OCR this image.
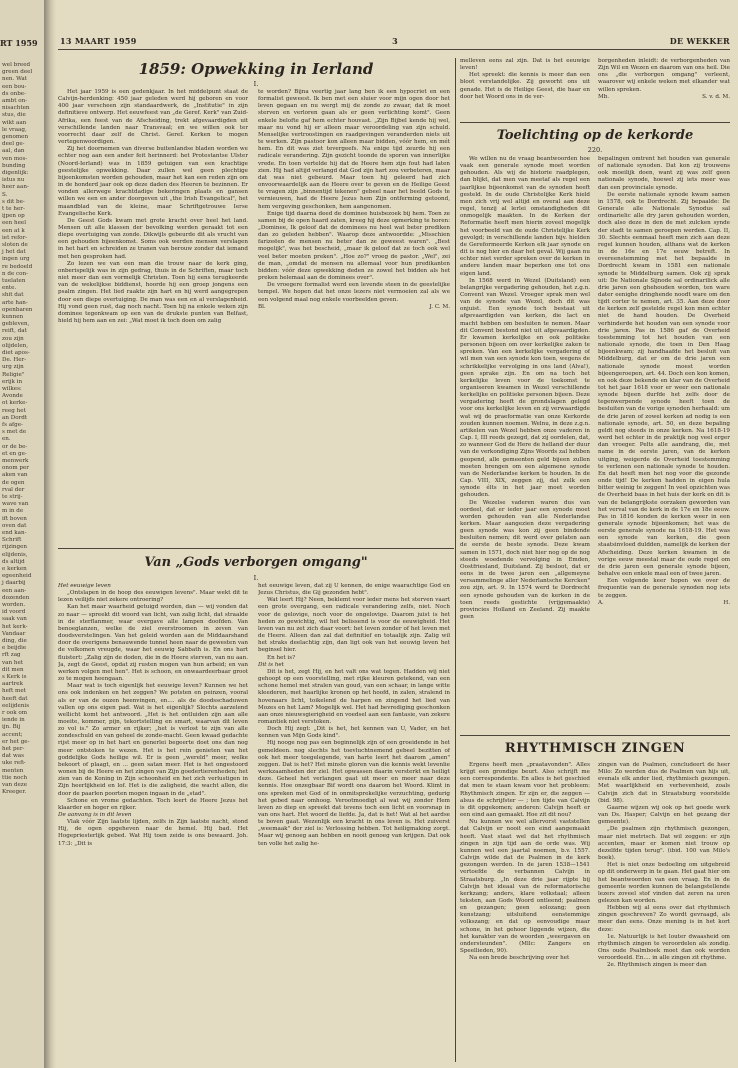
RT 1959
wel breed
green deel
nen. Wat
een bou-
ds onbe-
ambt on-
nisachten
stus, die
wikt aan
le vraag,
genomen
deel ge-
aal, dan
ven mos-
bunding
digenlijk:
istus nu
heer aan-
S.
s dit be-
t te her-
ijpen op
een heel
een at k
iet refor-
sloten de
j het dat
ingen urg
re bedoeld
n de con-
tuelaten
ente.
shit dat
arte han-
openbaren
kunnen
gebleven,
reift, dat
zou zijn
olijdelen,
diet apos-
De. Her-
urg zijn
Religie"
erijk in
wilkes:
Avonde
ot kerke-
reeg het
an Dordt
fs afge-
s met de
en.
or de be-
et en ge-
menwerk
onom per
aken van
de ogen
rval der
te strij-
wave van
m in de
ift boven
oven dat
end kan-
Schrift
rijzingen
elijdenis,
ds altijd
e kerken
egeenheid
j daarbij
een aan-
dozenden
worden.
id voord
saak van
het kerk-
Vandaar
ding, die
e beijdie
rft zag
van het
dit men
s Kerk is
aartrek
heft met
heeft dat
eelijdenis
r ook om
iende in
ijn. Bij
accent;
er het ge-
het per-
dat was
uke refi-
menten
ttie noch
van deze
Kreeger.
13 MAART 1959	3	DE WEKKER
1859: Opwekking in Ierland
I.

Het jaar 1959 is een gedenkjaar. In het middelpunt staat de Calvijn-herdenking: 450 jaar geleden werd hij geboren en voor 400 jaar verscheen zijn standaardwerk, de „Institutie" in zijn definitieve ontwerp. Het eeuwfeest van „de Geref. Kerk" van Zuid-Afrika, een feest van de Afscheiding, trekt afgevaardigden uit verschillende landen naar Transvaal; en we willen ook ter voorrecht daar zelf de Christ. Geref. Kerken te mogen vertegenwoordigen.

Zij het doornemen van diverse buitenlandse bladen worden we echter nog aan een ander feit herinnerd: het Protestantse Ulster (Noord-Ierland) was in 1859 getuigen van een krachtige geestelijke opwekking. Daar zullen wel geen plechtige bijeenkomsten worden gehouden, maar het kan een reden zijn om in de honderd jaar ook op deze daden des Heeren te bezinnen. Er vonden allerwege krachtdadige bekeringen plaats en gansen willen we een en ander doorgeven uit „the Irish Evangelical", het maandblad van de kleine, maar Schriftgetrouwe Ierse Evangelische Kerk.

De Geest Gods kwam met grote kracht over heel het land. Mensen uit alle klassen der bevolking werden geraakt tot een diepe overtuiging van zonde. Dikwijls gebeurde dit als vrucht van een gehouden bijeenkomst. Soms ook werden mensen verslagen in het hart en schreiden ze tranen van berouw zonder dat iemand met hen gesproken had.

Zo lezen we van een man die trouw naar de kerk ging, onberispelijk was in zijn gedrag, thuis in de Schriften, maar toch niet meer dan een vormelijk Christen. Toen hij eens terugkeerde van de wekelijkse biddienst, hoorde hij een groep jongens een psalm zingen. Het lied raakte zijn hart en hij werd aangegrepen door een diepe overtuiging. De man was een en al verslagenheid. Hij vond geen rust, dag noch nacht. Toen hij na enkele weken zijn dominee tegenkwam op een van de drukste punten van Belfast, hield hij hem aan en zei: „Wat moet ik toch doen om zalig

te worden? Bijna veertig jaar lang ben ik een hypocriet en een formalist geweest. Ik ben met een sluier voor mijn ogen door het leven gegaan en nu wergt mij de zonde zo zwaar, dat ik moet sterven en verloren gaan als er geen verlichting komt". Geen enkele belofte gaf hem echter houvast. „Zijn Bijbel kende hij wel, maar nu vond hij er alleen maar veroordeling van zijn schuld. Menselijke vertroostingen en raadgevingen veranderden niets uit te werken. Zijn pastoor kon alleen maar bidden, vóór hem, en mét hem. En dit was ziet tevergeefs. Na enige tijd zeurde hij een radicale verandering. Zijn gezicht toonde de sporen van innerlijke vrede. En toen vertelde hij dat de Heere hem zijn fout had laten zien. Hij had altijd verlangd dat God zijn hart zou verbeteren, maar dat was niet gebeurd. Maar toen hij geleerd had zich onvoorwaardelijk aan de Heere over te geven en de Heilige Geest te vragen zijn „binnentijd tekenen" gebeel naar het beeld Gods te vernieuwen, had de Heere Jezus hem Zijn ontferming getoond, hem vergeving geschonken, hem aangenomen.

Enige tijd daarna deed de dominee huisbezoek bij hem. Toen ze samen bij de open haard zaten, kreeg hij deze opmerking te horen: „Dominee, Ik geloof dat de dominees nu heel wat beter prediken dan zo geleden hebben". Waarop deze antwoordde: „Misschien farizeëen de mensen nu beter dan ze geweest waren". „Best mogelijk", was het bescheid, „maar ik geloof dat ze toch ook wel veel beter moeten preken". „Hoe zo?" vroeg de pastor. „Wel", zei de man, „omdat de mensen nu allemaal voor hun predikanten bidden: vóór deze opwekking deden ze zowel het bidden als het preken helemaal aan de dominees over".

De vroegere formalist werd een levende steen in de geestelijke tempel. We hopen dat het onze lezers niet vermoeien zal als we een volgend maal nog enkele voorbeelden geven.

Bl.	J. C. M.
Van „Gods verborgen omgang"
I.

Het eeuwige leven

„Ontslapen in de hoop des eeuwigen levens". Maar wekt dit te lezen veilijds niet zekere ontroering?

Kan het maar waarheid getuigd worden, dan — wij vonden dat zo naar — spreekt dit woord van licht, van zalig licht, dat straalde in de sterflanmer, waar overgave alle lampen doofden. Van benoeglanzen, welke de ziel overstroomen in zeven van doodsverstelingen. Van het geleid worden aan de Middaarshand door de overigens benauwende tunnel heen naar de gewesten van de volkomen vreugde, waar het eeuwig Sabbath is. En ons hart fluistert: „Zalig zijn de doden, die in de Heere sterven, van nu aan. Ja, zegt de Geest, opdat zij rusten mogen van hun arbeid; en van werken volgen met hen". Het is schoon, en onwaardeerbaar groot zo te mogen heengaan.

Maar wat is toch eigenlijk het eeuwige leven? Kunnen we het ons ook indenken en het zeggen? We potsten en peinzen, vooral als er van de ouzen heenvingen, en.... als de doodsschaduwen vallen op ons eigen pad. Wat is het eigenlijk? Slechts aarzelend wellicht komt het antwoord. „Het is het ontluiden zijn aan alle moeite, kommer, pijn, tekortstelling en smart, waarvan dit leven zo vol is." Zo armer en rijker; „het is verlost te zijn van alle zondeschuld en van geheel de zonde-macht. Geen kwaad gedachte rijst meer op in het hart en generlei begeerte doet ons dan nog meer ontstoken te wezen. Het is het rein genieten van het goddelijke Gods heilige wil. Er is geen „wereld" meer, welke bekoort of plaagt, en ... geen satan meer. Het is het ongestoord wonen bij de Heere en het zingen van Zijn goedertierenheden; het zien van de Koning in Zijn schoonheid en het zich verlustigen in Zijn heerlijkheid en lof. Het is die zaligheid, die wacht allen, die door de paarlen poorten mogen ingaan in de „stad".

Schone en vrome gedachten. Toch leert de Heere Jezus het klaarder en hoger en rijker.

De aanvang is in dit leven

Vlak vóór Zijn laatste lijden, zelfs in Zijn laatste nacht, stond Hij, de ogen opgeheven naar de hemel. Hij bad. Het Hogepriesterlijk gebed. Wat Hij toen zeide is ons bewaard. Joh. 17:3: „Dit is

het eeuwige leven, dat zij U kennen, de enige waarachtige God en Jezus Christus, die Gij gezonden hebt".

Wat leert Hij? Neen, beklemt voor ieder mens het sterven vaart een grote overgang, een radicale verandering zelfs, niet. Noch voor de gelovige, noch voor de ongelovige. Daarom juist is het heden zo gewichtig, wil het belissend is voor de eeuwigheid. Het leven van nu zet zich daar voort: het leven zonder of het leven met de Heere. Alleen dan zal dat definitief en totaalijk zijn. Zalig wil het straks deelachtig zijn, dan ligt ook van het eeuwig leven het beginsel hier.

En het is?

Dit is het

Dit is het, zegt Hij, en het valt ons wat tegen. Hadden wij niet gehoopt op een voorstelling, met rijke kleuren getekend, van een schone hemel met stralen van goud, van een schaar, in lange witte kleederen, met haarlijke kronen op het hoofd, in zalen, stralend in hovenaars licht, toikelend de harpen en zingend het lied van Mozes en het Lam? Mogelijk wel. Het had bevrediging geschonken aan onze nieuwsgierigheid en voedsel aan een fantasie, van zekere romantiek niet verstoken.

Doch Hij zegt: „Dit is het, het kennen van U, Vader, en het kennen van Mijn Gods kind".

Hij nooge nog pas een beginnelijk zijn of een groeidende in het gemeldeen. nog slechts het toevluchtnemend gebeel bezitten of ook het meer toegelegende, van harte leert het daarom „amen" zeggen. Dat is het? Het minste gloren van die kennis wekt levenlie werkzaamheden der ziel. Het opwassen daarin versterkt en heiligt deze. Geheel het verlangen gaat uit meer en meer naar deze kennis. Hoe onzegbaar Bif wordt ons daarom het Woord. Klimt in ons spreken met God of in onmitsprekelijke verzuchting, gedurig het gebed naar omhoog. Verootmoedigt al wat wij zonder Hem leven zo diep en spreekt dat tevens toch een licht en voorsnap in van ons hart. Het woord de liefde. Ja, dat is het! Wat al het aardse te boven gaat. Wezenlijk een kracht in ons leven is. Het zuiverst „weemaak" der ziel is: Verlossing hebben. Tot heiligmaking zorgt. Maar wij genoeg aan hebben en nooit genoeg van krijgen. Dat ook ten volle het zalig he-

melleven eens zal zijn. Dat is het eeuwige leven!

Het spreekt: die kennis is meer dan een bloot verstandelijke. Zij geworht ons uit genade. Het is de Heilige Geest, die haar en door het Woord ons in de ver-

borgenheden inleidt: de verborgenheden van Zijn Wil en Wezen en daarom van ons heil. Die ons „die verborgen omgang" verleent, waarover wij enkele weken met elkander wat willen spreken.

Mb.	S. v. d. M.
Toelichting op de kerkorde
220.

We willen nu de vraag beantwoorden hoe vaak een generale synode moet worden gehouden. Als wij de historie raadplegen, dan blijkt, dat men van meetaf als regel een jaarlijkse bijeenkomst van de synoden heeft gesteld. In de oude Christelijke Kerk hield men zich vrij wel altijd en overal aan deze regel, tenzij al lerlei omstandigheden dit onmogelijk maakten. In de Kerken der Reformatie heeft men hierin zoveel mogelijk het voorbeeld van de oude Christelijke Kerk gevolgd; in verschillende landen bijv. hielden de Gereformeerde Kerken elk jaar synode en dit is nog hier en daar het geval. Wij gaan nu echter niet verder spreken over de kerken in andere landen maar beperken one tot ons eigen land.

In 1568 werd in Wezel (Duitsland) een belangrijke vergadering gehouden, het z.g.n. Convent van Wezel. Vroeger sprak men wel van de synode van Wezel, doch dit was onjuist. Een synode toch bestaat uit afgevaardigden van kerken, die lact en macht hebben om besluiten te nemen. Maar dit Convent bestond niet uit afgevaardigden. Er kwamen kerkelijke en ook politieke personen bijeen om over kerkelijke zaken te spreken. Van een kerkelijke vergadering of wil men van een synode kon toen, wegens de schrikkelijke vervolging in ons land (Alva!), geen sprake zijn. En om na toch het kerkelijke leven voor de toekomst te organiseren kwamen in Wezel verschillende kerkelijke en politieke personen bijeen. Deze vergadering heeft de grondslagen gelegd voor ons kerkelijke leven en zij verwaardigde wat wij de praeformatie van onze Kerkorde zouden kunnen noemen. Welnu, in deze z.g.n. artikelen van Wezel hebben onze vaderen in Cap. I, III reeds gezegd, dat zij oordelen, dat, zo wanneer God de Here de helland der duur van de verkondiging Zijns Woords zal hebben geopend, alle gemeenten geld bijeen zullen moeten brengen om een algemene synode van de Nederlandse kerken te houden. In de Cap. VIII, XIX, zeggen zij, dat zulk een synode élts in het jaar moet worden gehouden.

De Wezelse vaderen waren dus van oordeel, dat er ieder jaar een synode moet worden gehouden van alle Nederlandse kerken. Maar aangezien deze vergadering geen synode was kon zij geen bindende besluiten nemen; dit werd over gelaten aan de eerste de beste synode. Deze kwam samen in 1571, doch niet hier nog op de nog steeds woedende vervolging in Emden, Oostfriesland, Duitsland. Zij besloot, dat er eens in de twee jaren een „allgemeyne versammelinge aller Nederlantsche Kercken" zou zijn, art. 9. In 1574 werd te Dordrecht een synode gehouden van de kerken in de toen reeds gestichte (vrijgemaakte) provincies Holland en Zeeland. Zij maakte geen

bepalingen omtrent het houden van generale of nationale synoden. Dat kon zij trouwens ook moeilijk doen, want zij was zelf geen nationale synode, hoewel zij iets meer was dan een provinciale synode.

De eerste nationale synode kwam samen in 1578, ook te Dordrecht. Zij bepaalde: De Generale alle Nationale Synodus sal ordinarielic alle dry jaren gehouden worden, doch also deze in den de met zulcken synde der stadt te samen geroepen werden. Cap. II, 30. Slechts eenmaal heeft men zich aan deze regel kunnen houden, althans wat de kerken in de 16e en 17e eeuw betreft. In overeenstemming met het bepaalde in Dordrecht kwam in 1581 een nationale synode te Middelburg samen. Ook zij sprak uit: De Nationale Sijnode sal ordinarilick alle drie jaren een ghehouden worden, ten ware dater eenighe dringhende noodt ware om den tijdt corter te nemen, art. 35. Aan deze door de kerken zelf gestelde regel kon men echter niet de hand houden. De Overheid verhinderde het houden van een synode voor drie jaren. Pas in 1586 gaf de Overheid toestemming tot het houden van een nationale synode, die toen in Den Haag bijeenkwam; zij handhaafde het besluit van Middelburg, dat er om de drie jaren een nationale synode moest worden bijeengeroepen, art. 44. Doch een kon komen, en ook deze bekende en klar van de Overheid tot het jaar 1618 voor er weer een nationale synode bijeen durfde het zelfs door de tegenwerpende synode heeft toen de besluiten van de vorige synoden herhaald: um de drie jaren of zowel kerken ad nodig is een nationale synode, art. 50, en deze bepaling geldt nog steeds in onze kerken. Na 1618-19 werd het echter in de praktijk nog veel erger dan vroeger. Pelts alle aandrang, die, met name in de eerste jaren, van de kerken uitging, weigerde de Overheid toestemming te verlenen een nationale synode te houden. En dat heeft men het nog voor die gezonde onde tijd! De kerken hadden in eigen hula bitter weinig te zeggen! In veel opzichten was de Overheid baas in het huis der kerk en dit is van de belangrijkste oorzaken geworden van het verval van de kerk in de 17e en 18e eeuw. Pas in 1816 konden de kerken weer in een generale synode bijeenkomen; het was de eerste generale synode na 1618-19. Het was een synode van kerken, die geen staatsinvloed duldden, namelijk de kerken der Afscheiding. Deze kerken kwamen in de vorige eeuw meestal maar de oude regel om de drie jaren een generale synode bijeen, behalve een enkele maal een of twee jaren.

Een volgende keer hopen we over de frequentie van de generale synoden nog iets te zeggen.

A.	H.
RHYTHMISCH ZINGEN

Ergens heeft men „praatavonden". Alles krijgt een grondige beurt. Also schrijft me een correspondente. En alles is het geschied dat men te staan kwam voor het probleem: Rhythmisch zingen. Er zijn er, die zeggen — alsus de schrijfster — ; ten tijde van Calvijn is dit opgekomen; anderen: Calvijn heeft er een eind aan gemaakt. Hoe zit dit nou?

Nu kunnen we wel allervorst vaststellen dat Calvijn er nooit een eind aangemaakt heeft. Vast staat wel dat het rhythmisch zingen in zijn tijd aan de orde was. Wij kunnen wel een jaartal noemen, b.v. 1557. Calvijn wilde dat de Psalmen in de kerk gezongen werden. In de jaren 1538—1541 vertoefde de verbannen Calvijn in Straatsburg. „In deze drie jaar rijpte bij Calvijn het ideaal van de reformatorische kerkzang; anders, klare volkstaal; alleen teksten, aan Gods Woord ontleend; psalmen en gezangen; geen solozang; geen kunstzang; uitsluitend eenstemmige volkszang; en dat op eenvoudige maar schone, in het gehoor liggende wijzen, die het karakter van de woorden „weergaven en ondersteunden". (Mllc: Zangers en Speellieden, 90).

Na een brede beschrijving over het

zingen van de Psalmen, concludeert de heer Milo: Zo werden dus de Psalmen van hijs uit, evenals elk ander lied, rhythmisch gezongen. Met waarlijkheid en verhevenheid, zoals Calvijn zich dat in Straatsburg voorstelde (bid. 98).

Gaarne wijzen wij ook op het goede werk van Ds. Hasper; Calvijn en het gezang der gemeente).

„De psalmen zijn rhythmisch gezongen, maar niet metrisch. Dat wil zeggen: er zijn accenten, maar er komen niet trouw op dezelfde tijden terug". (ibid. 100 van Milo's boek).

Het is niet onze bedoeling om uitgebreid op dit onderwerp in te gaan. Het gaat hier om het beantwoorden van een vraag. En in de gemeente worden kunnen de belangstellende lezers zoveel stof vinden dat zeren na uren gelezen kan worden.

Hebben wij al eens over dat rhythmisch zingen geschreven? Zo wordt gevraagd, als meer dan eens. Onze mening is in het kort deze:

1e. Natuurlijk is het louter dwaasheid om rhythmisch zingen te veroordelen als zondig. Ons oude Psalmboek moet dan ook worden veroordeeld. En.... in alle zingen zit rhythme.

2e. Rhythmisch zingen is meer dan
